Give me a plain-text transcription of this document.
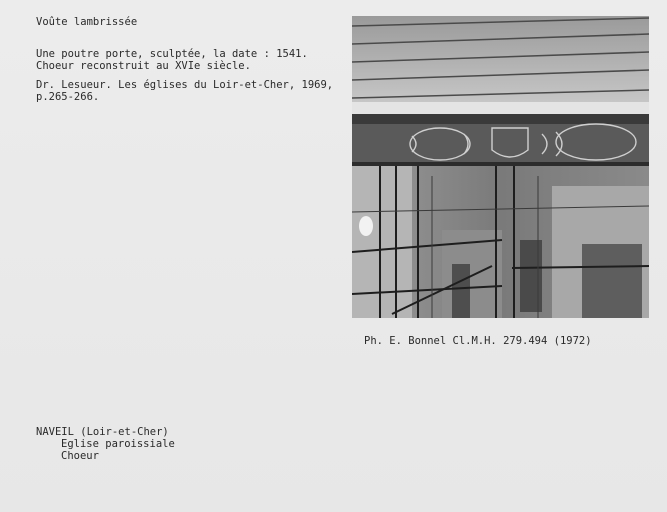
Voûte lambrissée
Une poutre porte, sculptée, la date : 1541.
Choeur reconstruit au XVIe siècle.
Dr. Lesueur. Les églises du Loir-et-Cher, 1969,
p.265-266.
Ph. E. Bonnel Cl.M.H. 279.494 (1972)
NAVEIL (Loir-et-Cher)
Eglise paroissiale
Choeur
